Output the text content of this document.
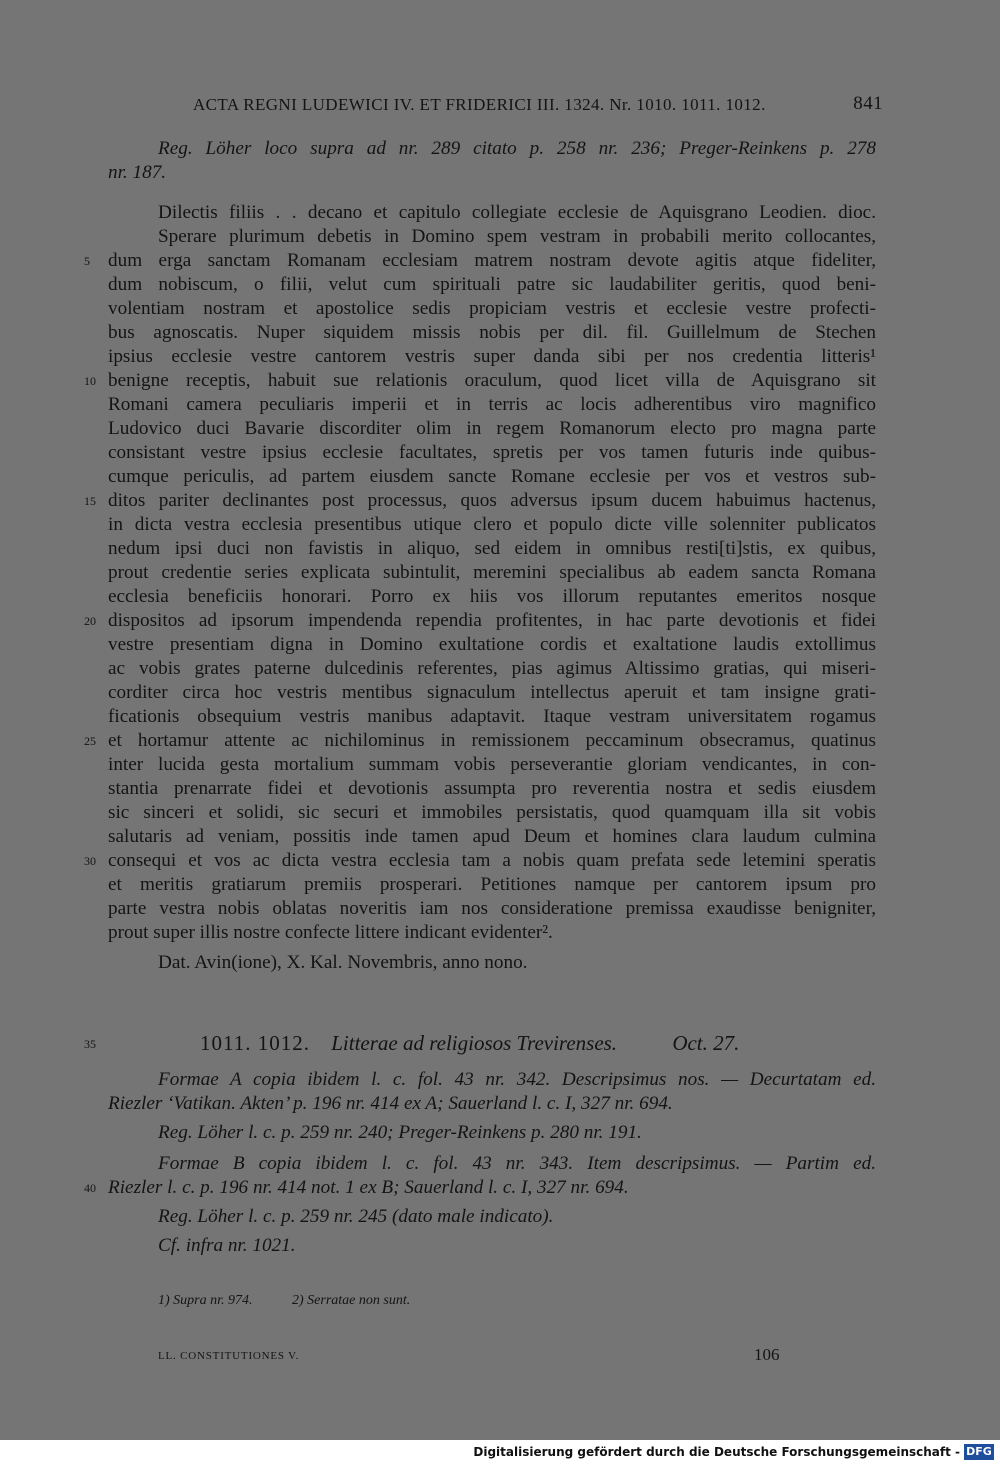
ACTA REGNI LUDEWICI IV. ET FRIDERICI III. 1324. Nr. 1010. 1011. 1012.	841
Reg. Löher loco supra ad nr. 289 citato p. 258 nr. 236; Preger-Reinkens p. 278
nr. 187.
Dilectis filiis . . decano et capitulo collegiate ecclesie de Aquisgrano Leodien. dioc.
Sperare plurimum debetis in Domino spem vestram in probabili merito collocantes,
dum erga sanctam Romanam ecclesiam matrem nostram devote agitis atque fideliter,
dum nobiscum, o filii, velut cum spirituali patre sic laudabiliter geritis, quod beni-
volentiam nostram et apostolice sedis propiciam vestris et ecclesie vestre profecti-
bus agnoscatis. Nuper siquidem missis nobis per dil. fil. Guillelmum de Stechen
ipsius ecclesie vestre cantorem vestris super danda sibi per nos credentia litteris¹
benigne receptis, habuit sue relationis oraculum, quod licet villa de Aquisgrano sit
Romani camera peculiaris imperii et in terris ac locis adherentibus viro magnifico
Ludovico duci Bavarie discorditer olim in regem Romanorum electo pro magna parte
consistant vestre ipsius ecclesie facultates, spretis per vos tamen futuris inde quibus-
cumque periculis, ad partem eiusdem sancte Romane ecclesie per vos et vestros sub-
ditos pariter declinantes post processus, quos adversus ipsum ducem habuimus hactenus,
in dicta vestra ecclesia presentibus utique clero et populo dicte ville solenniter publicatos
nedum ipsi duci non favistis in aliquo, sed eidem in omnibus resti[ti]stis, ex quibus,
prout credentie series explicata subintulit, meremini specialibus ab eadem sancta Romana
ecclesia beneficiis honorari. Porro ex hiis vos illorum reputantes emeritos nosque
dispositos ad ipsorum impendenda rependia profitentes, in hac parte devotionis et fidei
vestre presentiam digna in Domino exultatione cordis et exaltatione laudis extollimus
ac vobis grates paterne dulcedinis referentes, pias agimus Altissimo gratias, qui miseri-
corditer circa hoc vestris mentibus signaculum intellectus aperuit et tam insigne grati-
ficationis obsequium vestris manibus adaptavit. Itaque vestram universitatem rogamus
et hortamur attente ac nichilominus in remissionem peccaminum obsecramus, quatinus
inter lucida gesta mortalium summam vobis perseverantie gloriam vendicantes, in con-
stantia prenarrate fidei et devotionis assumpta pro reverentia nostra et sedis eiusdem
sic sinceri et solidi, sic securi et immobiles persistatis, quod quamquam illa sit vobis
salutaris ad veniam, possitis inde tamen apud Deum et homines clara laudum culmina
consequi et vos ac dicta vestra ecclesia tam a nobis quam prefata sede letemini speratis
et meritis gratiarum premiis prosperari. Petitiones namque per cantorem ipsum pro
parte vestra nobis oblatas noveritis iam nos consideratione premissa exaudisse benigniter,
prout super illis nostre confecte littere indicant evidenter².
Dat. Avin(ione), X. Kal. Novembris, anno nono.
5
10
15
20
25
30
35
40
1011. 1012. Litterae ad religiosos Trevirenses.	Oct. 27.
Formae A copia ibidem l. c. fol. 43 nr. 342. Descripsimus nos. — Decurtatam ed.
Riezler ‘Vatikan. Akten’ p. 196 nr. 414 ex A; Sauerland l. c. I, 327 nr. 694.
Reg. Löher l. c. p. 259 nr. 240; Preger-Reinkens p. 280 nr. 191.
Formae B copia ibidem l. c. fol. 43 nr. 343. Item descripsimus. — Partim ed.
Riezler l. c. p. 196 nr. 414 not. 1 ex B; Sauerland l. c. I, 327 nr. 694.
Reg. Löher l. c. p. 259 nr. 245 (dato male indicato).
Cf. infra nr. 1021.
1) Supra nr. 974.	2) Serratae non sunt.
LL. CONSTITUTIONES V.	106
Digitalisierung gefördert durch die Deutsche Forschungsgemeinschaft - DFG
